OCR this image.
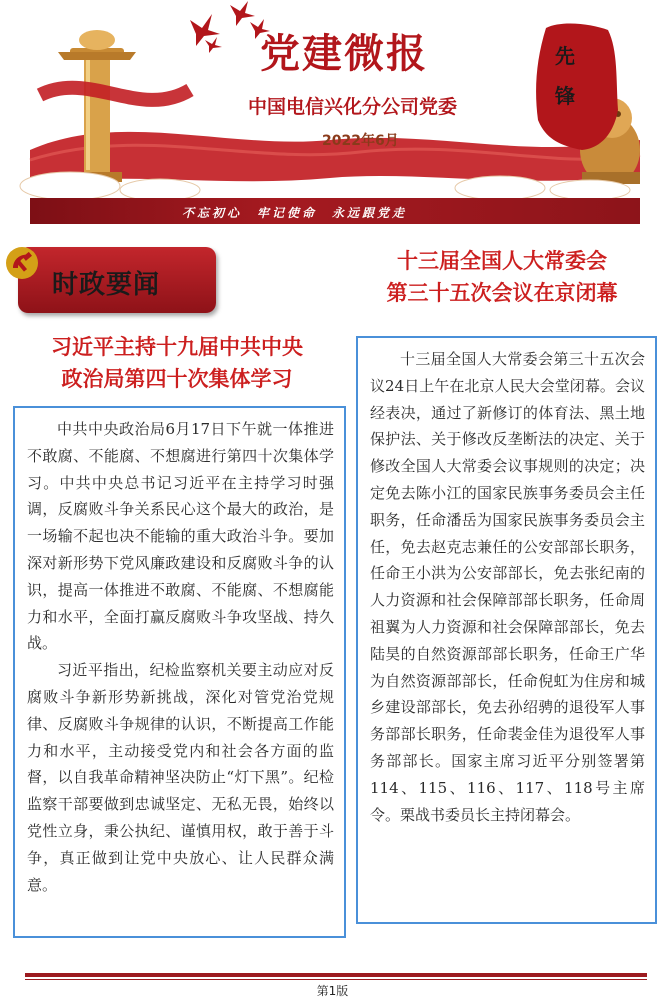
先
锋
党建微报
中国电信兴化分公司党委
2022年6月
不忘初心　牢记使命　永远跟党走
时政要闻
习近平主持十九届中共中央
政治局第四十次集体学习

中共中央政治局6月17日下午就一体推进不敢腐、不能腐、不想腐进行第四十次集体学习。中共中央总书记习近平在主持学习时强调，反腐败斗争关系民心这个最大的政治，是一场输不起也决不能输的重大政治斗争。要加深对新形势下党风廉政建设和反腐败斗争的认识，提高一体推进不敢腐、不能腐、不想腐能力和水平，全面打赢反腐败斗争攻坚战、持久战。

习近平指出，纪检监察机关要主动应对反腐败斗争新形势新挑战，深化对管党治党规律、反腐败斗争规律的认识，不断提高工作能力和水平，主动接受党内和社会各方面的监督，以自我革命精神坚决防止“灯下黑”。纪检监察干部要做到忠诚坚定、无私无畏，始终以党性立身，秉公执纪、谨慎用权，敢于善于斗争，真正做到让党中央放心、让人民群众满意。

十三届全国人大常委会
第三十五次会议在京闭幕

十三届全国人大常委会第三十五次会议24日上午在北京人民大会堂闭幕。会议经表决，通过了新修订的体育法、黑土地保护法、关于修改反垄断法的决定、关于修改全国人大常委会议事规则的决定；决定免去陈小江的国家民族事务委员会主任职务，任命潘岳为国家民族事务委员会主任，免去赵克志兼任的公安部部长职务，任命王小洪为公安部部长，免去张纪南的人力资源和社会保障部部长职务，任命周祖翼为人力资源和社会保障部部长，免去陆昊的自然资源部部长职务，任命王广华为自然资源部部长，任命倪虹为住房和城乡建设部部长，免去孙绍骋的退役军人事务部部长职务，任命裴金佳为退役军人事务部部长。国家主席习近平分别签署第114、115、116、117、118号主席令。栗战书委员长主持闭幕会。

第1版
